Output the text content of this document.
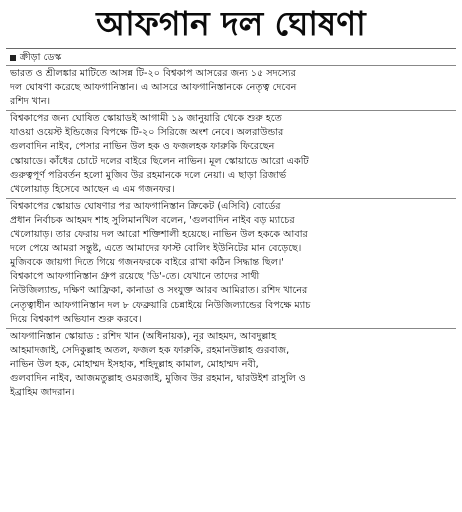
আফগান দল ঘোষণা
ক্রীড়া ডেস্ক
ভারত ও শ্রীলঙ্কার মাটিতে আসন্ন টি-২০ বিশ্বকাপ আসরের জন্য ১৫ সদস্যের
দল ঘোষণা করেছে আফগানিস্তান। এ আসরে আফগানিস্তানকে নেতৃত্ব দেবেন
রশিদ খান।
বিশ্বকাপের জন্য ঘোষিত স্কোয়াডই আগামী ১৯ জানুয়ারি থেকে শুরু হতে
যাওয়া ওয়েস্ট ইন্ডিজের বিপক্ষে টি-২০ সিরিজে অংশ নেবে। অলরাউন্ডার
গুলবাদিন নাইব, পেসার নাভিন উল হক ও ফজলহক ফারুকি ফিরেছেন
স্কোয়াডে। কাঁধের চোটে দলের বাইরে ছিলেন নাভিন। মূল স্কোয়াডে আরো একটি
গুরুত্বপূর্ণ পরিবর্তন হলো মুজিব উর রহমানকে দলে নেয়া। এ ছাড়া রিজার্ভ
খেলোয়াড় হিসেবে আছেন এ এম গজনফর।
বিশ্বকাপের স্কোয়াড ঘোষণার পর আফগানিস্তান ক্রিকেট (এসিবি) বোর্ডের
প্রধান নির্বাচক আহমদ শাহ সুলিমানখিল বলেন, 'গুলবাদিন নাইব বড় ম্যাচের
খেলোয়াড়। তার ফেরায় দল আরো শক্তিশালী হয়েছে। নাভিন উল হককে আবার
দলে পেয়ে আমরা সন্তুষ্ট, এতে আমাদের ফাস্ট বোলিং ইউনিটের মান বেড়েছে।
মুজিবকে জায়গা দিতে গিয়ে গজনফরকে বাইরে রাখা কঠিন সিদ্ধান্ত ছিল।'
বিশ্বকাপে আফগানিস্তান গ্রুপ রয়েছে 'ডি'-তে। যেখানে তাদের সাথী
নিউজিল্যান্ড, দক্ষিণ আফ্রিকা, কানাডা ও সংযুক্ত আরব আমিরাত। রশিদ খানের
নেতৃত্বাধীন আফগানিস্তান দল ৮ ফেব্রুয়ারি চেন্নাইয়ে নিউজিল্যান্ডের বিপক্ষে ম্যাচ
দিয়ে বিশ্বকাপ অভিযান শুরু করবে।
আফগানিস্তান স্কোয়াড : রশিদ খান (অধিনায়ক), নূর আহমদ, আবদুল্লাহ
আহমাদজাই, সেদিকুল্লাহ অতল, ফজল হক ফারুকি, রহমানউল্লাহ গুরবাজ,
নাভিন উল হক, মোহাম্মদ ইসহাক, শহিদুল্লাহ কামাল, মোহাম্মদ নবী,
গুলবাদিন নাইব, আজমতুল্লাহ ওমরজাই, মুজিব উর রহমান, দ্বারউইশ রাসুলি ও
ইব্রাহিম জাদরান।
